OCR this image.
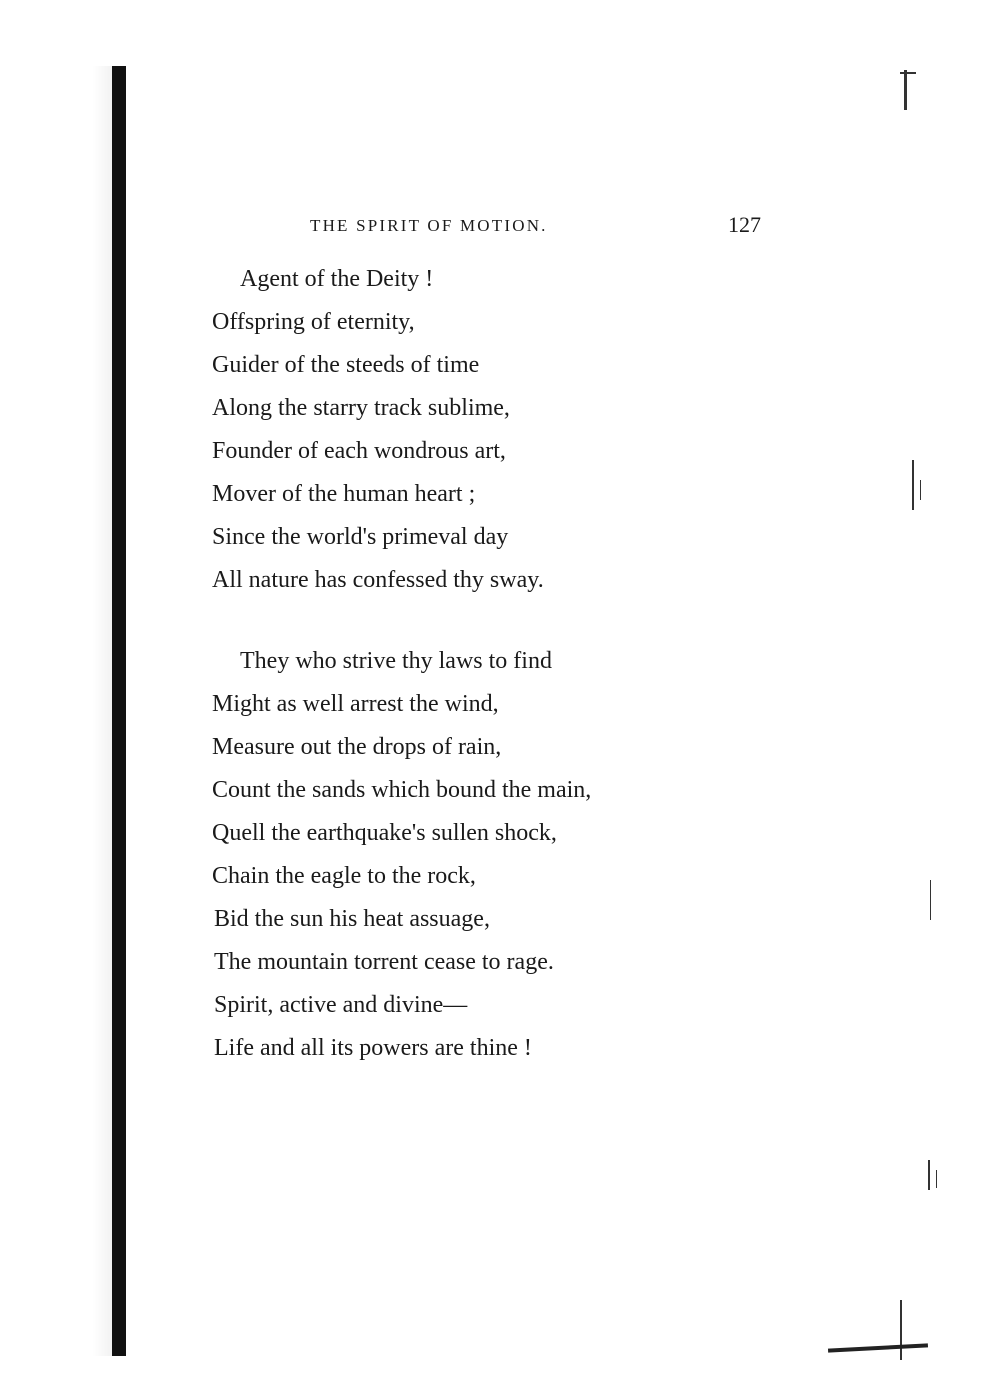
THE SPIRIT OF MOTION.	127
Agent of the Deity !
Offspring of eternity,
Guider of the steeds of time
Along the starry track sublime,
Founder of each wondrous art,
Mover of the human heart ;
Since the world's primeval day
All nature has confessed thy sway.
They who strive thy laws to find
Might as well arrest the wind,
Measure out the drops of rain,
Count the sands which bound the main,
Quell the earthquake's sullen shock,
Chain the eagle to the rock,
Bid the sun his heat assuage,
The mountain torrent cease to rage.
Spirit, active and divine—
Life and all its powers are thine !
